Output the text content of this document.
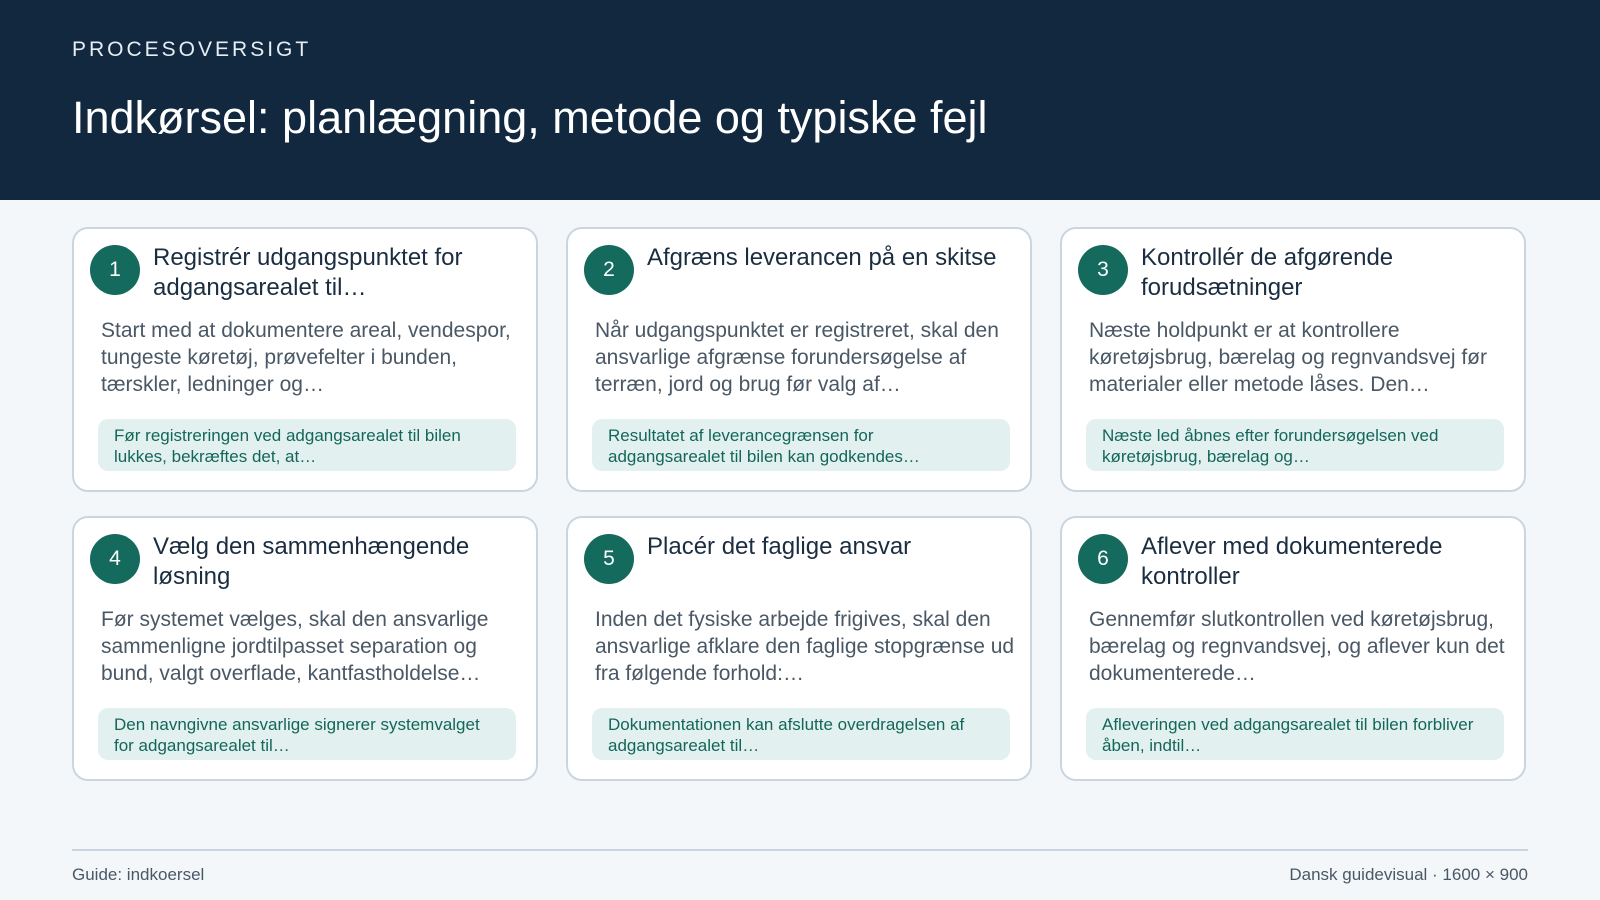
PROCESOVERSIGT
Indkørsel: planlægning, metode og typiske fejl
1	Registrér udgangspunktet for adgangsarealet til…
Start med at dokumentere areal, vendespor, tungeste køretøj, prøvefelter i bunden, tærskler, ledninger og…
Før registreringen ved adgangsarealet til bilen lukkes, bekræftes det, at…
2	Afgræns leverancen på en skitse
Når udgangspunktet er registreret, skal den ansvarlige afgrænse forundersøgelse af terræn, jord og brug før valg af…
Resultatet af leverancegrænsen for adgangsarealet til bilen kan godkendes…
3	Kontrollér de afgørende forudsætninger
Næste holdpunkt er at kontrollere køretøjsbrug, bærelag og regnvandsvej før materialer eller metode låses. Den…
Næste led åbnes efter forundersøgelsen ved køretøjsbrug, bærelag og…
4	Vælg den sammenhængende løsning
Før systemet vælges, skal den ansvarlige sammenligne jordtilpasset separation og bund, valgt overflade, kantfastholdelse…
Den navngivne ansvarlige signerer systemvalget for adgangsarealet til…
5	Placér det faglige ansvar
Inden det fysiske arbejde frigives, skal den ansvarlige afklare den faglige stopgrænse ud fra følgende forhold:…
Dokumentationen kan afslutte overdragelsen af adgangsarealet til…
6	Aflever med dokumenterede kontroller
Gennemfør slutkontrollen ved køretøjsbrug, bærelag og regnvandsvej, og aflever kun det dokumenterede…
Afleveringen ved adgangsarealet til bilen forbliver åben, indtil…
Guide: indkoersel	Dansk guidevisual · 1600 × 900
